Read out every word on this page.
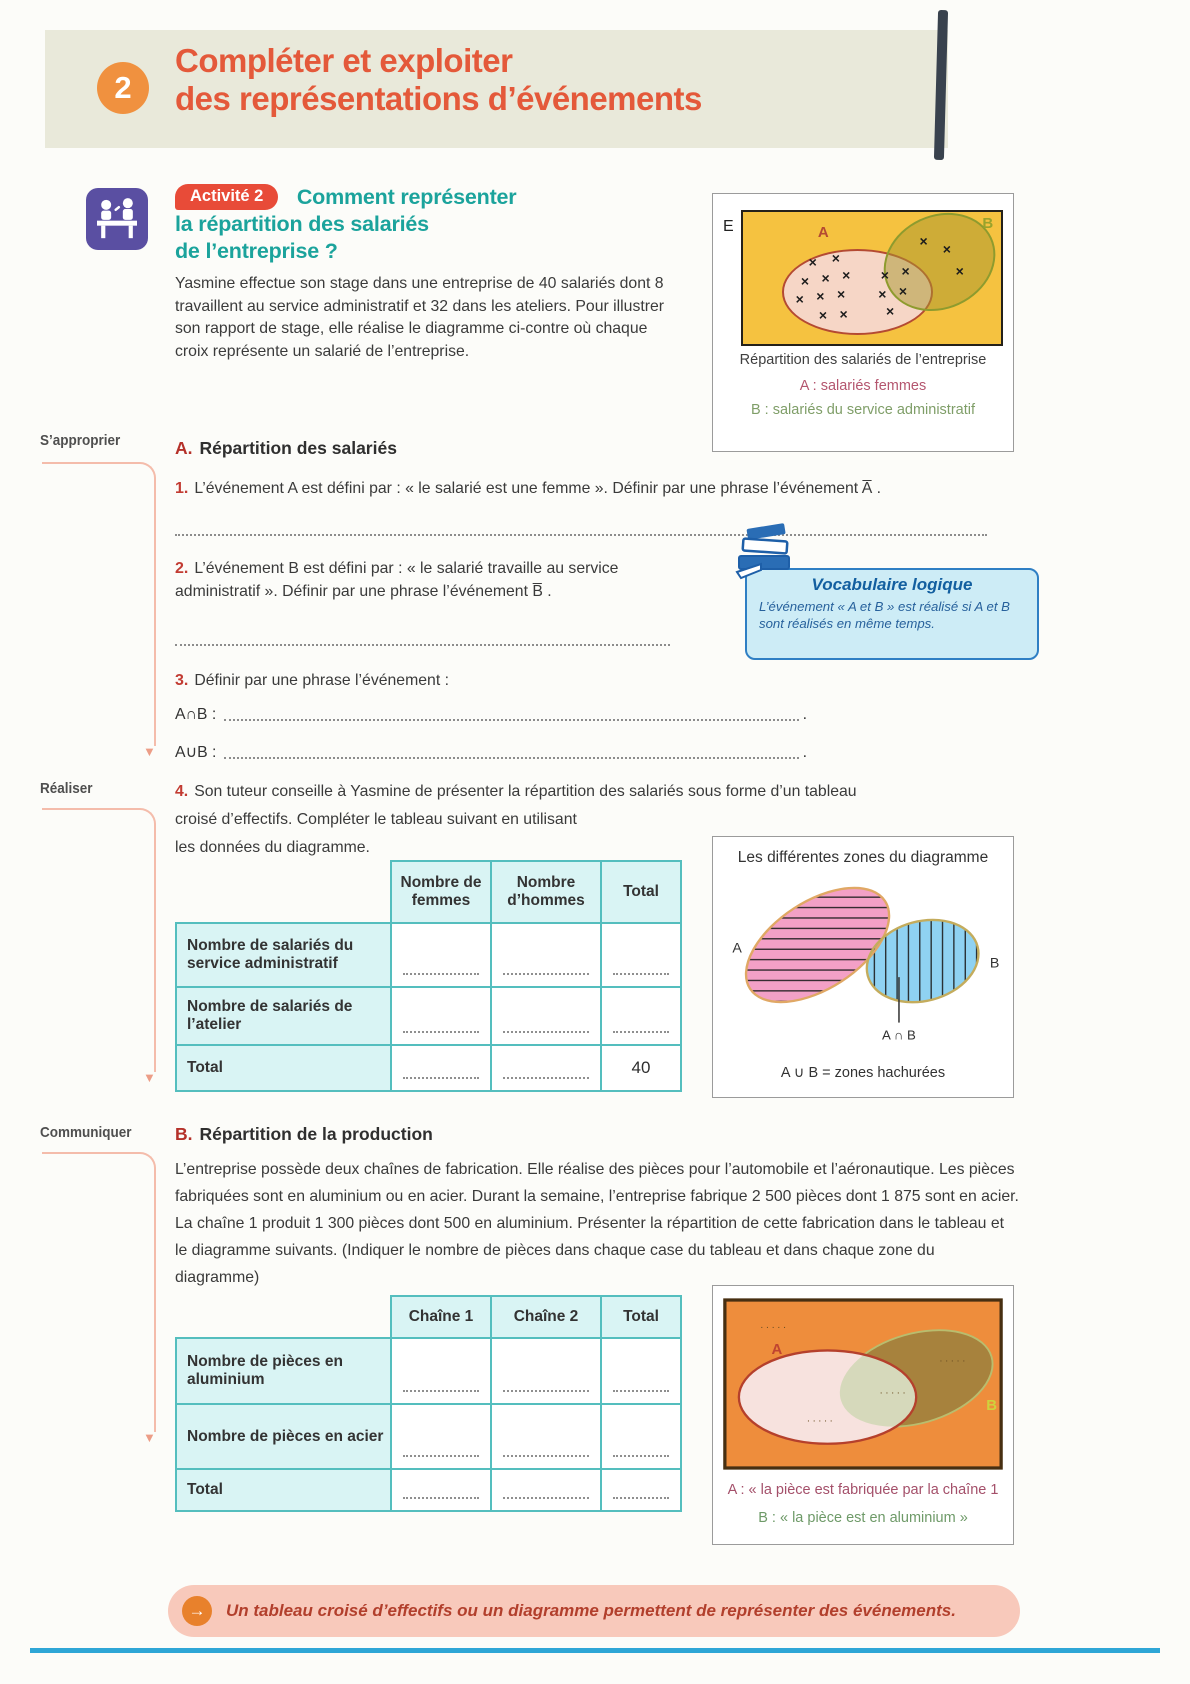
2
Compléter et exploiter
des représentations d’événements
S’approprier
▼
Réaliser
▼
Communiquer
▼
Activité 2 Comment représenter
la répartition des salariés
de l’entreprise ?
Yasmine effectue son stage dans une entreprise de 40 salariés dont 8 travaillent au service administratif et 32 dans les ateliers. Pour illustrer son rapport de stage, elle réalise le diagramme ci-contre où chaque croix représente un salarié de l’entreprise.
E	A
B
× ×
× × ×
× × ×
× ×
× ×
× ×
×
× ×
×
Répartition des salariés de l’entreprise
A : salariés femmes
B : salariés du service administratif
A. Répartition des salariés
1. L’événement A est défini par : « le salarié est une femme ». Définir par une phrase l’événement A̅ .
2. L’événement B est défini par : « le salarié travaille au service administratif ». Définir par une phrase l’événement B̅ .	Vocabulaire logique
L’événement « A et B » est réalisé si A et B sont réalisés en même temps.
3. Définir par une phrase l’événement :
A∩B :	.
A∪B :	.
4. Son tuteur conseille à Yasmine de présenter la répartition des salariés sous forme d’un tableau
croisé d’effectifs. Compléter le tableau suivant en utilisant
les données du diagramme.
	Nombre de femmes	Nombre d’hommes	Total
Nombre de salariés du service administratif	

Nombre de salariés de l’atelier	

Total			40
Les différentes zones du diagramme
A
B
A ∩ B
A ∪ B = zones hachurées
B. Répartition de la production
L’entreprise possède deux chaînes de fabrication. Elle réalise des pièces pour l’automobile et l’aéronautique. Les pièces fabriquées sont en aluminium ou en acier. Durant la semaine, l’entreprise fabrique 2 500 pièces dont 1 875 sont en acier. La chaîne 1 produit 1 300 pièces dont 500 en aluminium. Présenter la répartition de cette fabrication dans le tableau et le diagramme suivants. (Indiquer le nombre de pièces dans chaque case du tableau et dans chaque zone du diagramme)
	Chaîne 1	Chaîne 2	Total
Nombre de pièces en aluminium	

Nombre de pièces en acier	

Total	

A
B
. . . . .
. . . . .
. . . . .
. . . . .
A : « la pièce est fabriquée par la chaîne 1
B : « la pièce est en aluminium »
→	Un tableau croisé d’effectifs ou un diagramme permettent de représenter des événements.
